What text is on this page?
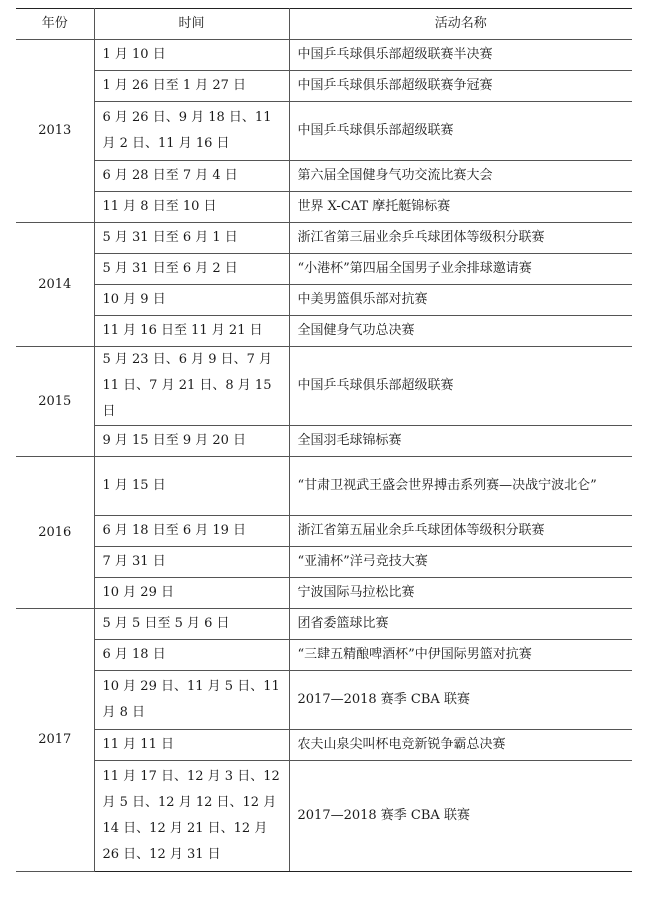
年份	时间	活动名称
2013	1 月 10 日	中国乒乓球俱乐部超级联赛半决赛
	1 月 26 日至 1 月 27 日	中国乒乓球俱乐部超级联赛争冠赛
	6 月 26 日、9 月 18 日、11 月 2 日、11 月 16 日	中国乒乓球俱乐部超级联赛
	6 月 28 日至 7 月 4 日	第六届全国健身气功交流比赛大会
	11 月 8 日至 10 日	世界 X-CAT 摩托艇锦标赛
2014	5 月 31 日至 6 月 1 日	浙江省第三届业余乒乓球团体等级积分联赛
	5 月 31 日至 6 月 2 日	“小港杯”第四届全国男子业余排球邀请赛
	10 月 9 日	中美男篮俱乐部对抗赛
	11 月 16 日至 11 月 21 日	全国健身气功总决赛
2015	5 月 23 日、6 月 9 日、7 月 11 日、7 月 21 日、8 月 15 日	中国乒乓球俱乐部超级联赛
	9 月 15 日至 9 月 20 日	全国羽毛球锦标赛
2016	1 月 15 日	“甘肃卫视武王盛会世界搏击系列赛—决战宁波北仑”
	6 月 18 日至 6 月 19 日	浙江省第五届业余乒乓球团体等级积分联赛
	7 月 31 日	“亚浦杯”洋弓竞技大赛
	10 月 29 日	宁波国际马拉松比赛
2017	5 月 5 日至 5 月 6 日	团省委篮球比赛
	6 月 18 日	“三肆五精酿啤酒杯”中伊国际男篮对抗赛
	10 月 29 日、11 月 5 日、11 月 8 日	2017—2018 赛季 CBA 联赛
	11 月 11 日	农夫山泉尖叫杯电竞新锐争霸总决赛
	11 月 17 日、12 月 3 日、12 月 5 日、12 月 12 日、12 月 14 日、12 月 21 日、12 月 26 日、12 月 31 日	2017—2018 赛季 CBA 联赛
